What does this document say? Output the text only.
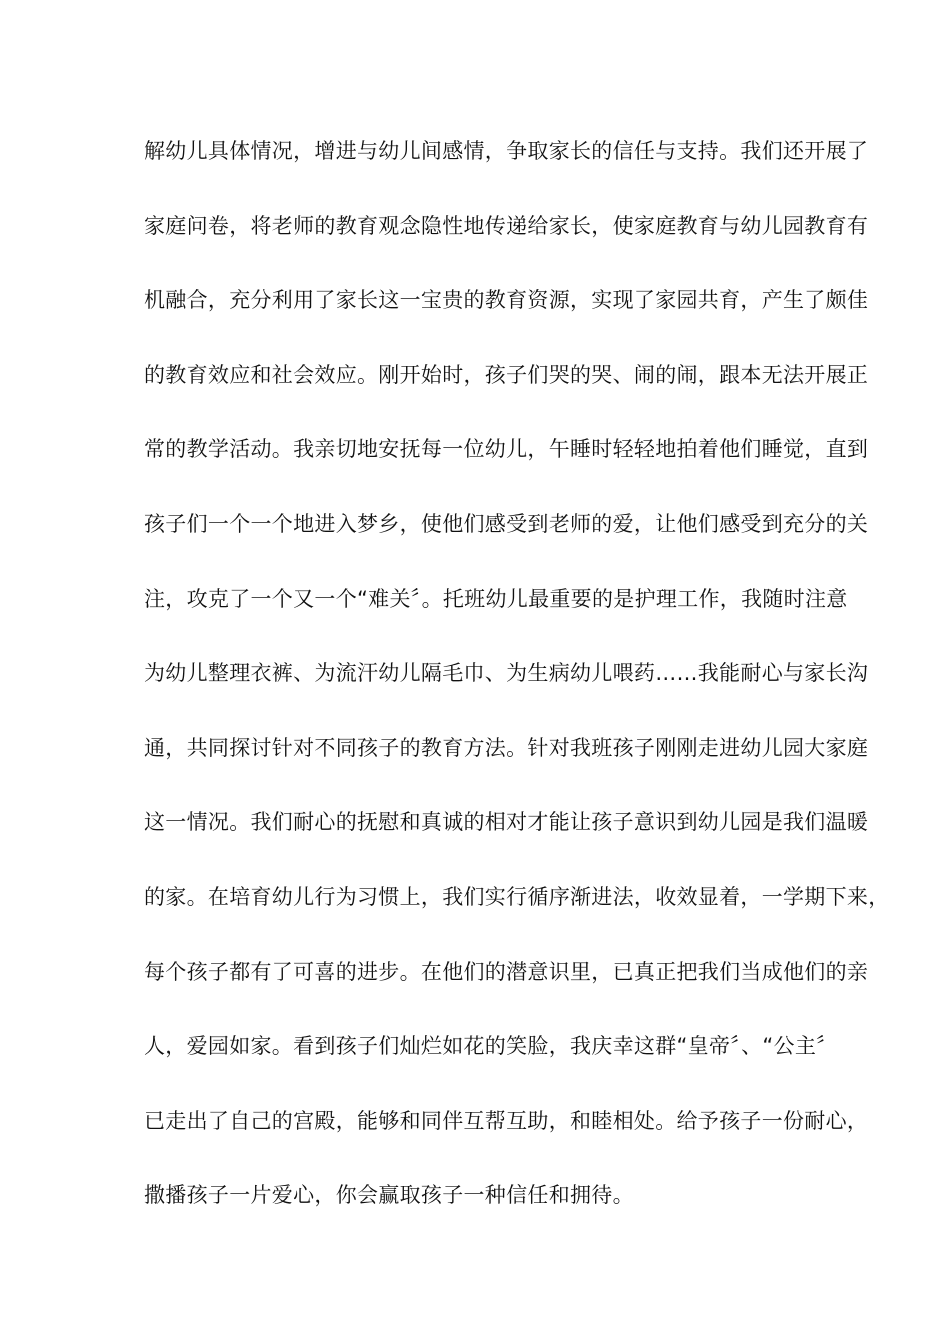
解幼儿具体情况，增进与幼儿间感情，争取家长的信任与支持。我们还开展了
家庭问卷，将老师的教育观念隐性地传递给家长，使家庭教育与幼儿园教育有
机融合，充分利用了家长这一宝贵的教育资源，实现了家园共育，产生了颇佳
的教育效应和社会效应。刚开始时，孩子们哭的哭、闹的闹，跟本无法开展正
常的教学活动。我亲切地安抚每一位幼儿，午睡时轻轻地拍着他们睡觉，直到
孩子们一个一个地进入梦乡，使他们感受到老师的爱，让他们感受到充分的关
注，攻克了一个又一个“难关〞。托班幼儿最重要的是护理工作，我随时注意
为幼儿整理衣裤、为流汗幼儿隔毛巾、为生病幼儿喂药……我能耐心与家长沟
通，共同探讨针对不同孩子的教育方法。针对我班孩子刚刚走进幼儿园大家庭
这一情况。我们耐心的抚慰和真诚的相对才能让孩子意识到幼儿园是我们温暖
的家。在培育幼儿行为习惯上，我们实行循序渐进法，收效显着，一学期下来，
每个孩子都有了可喜的进步。在他们的潜意识里，已真正把我们当成他们的亲
人，爱园如家。看到孩子们灿烂如花的笑脸，我庆幸这群“皇帝〞、“公主〞
已走出了自己的宫殿，能够和同伴互帮互助，和睦相处。给予孩子一份耐心，
撒播孩子一片爱心，你会赢取孩子一种信任和拥待。
